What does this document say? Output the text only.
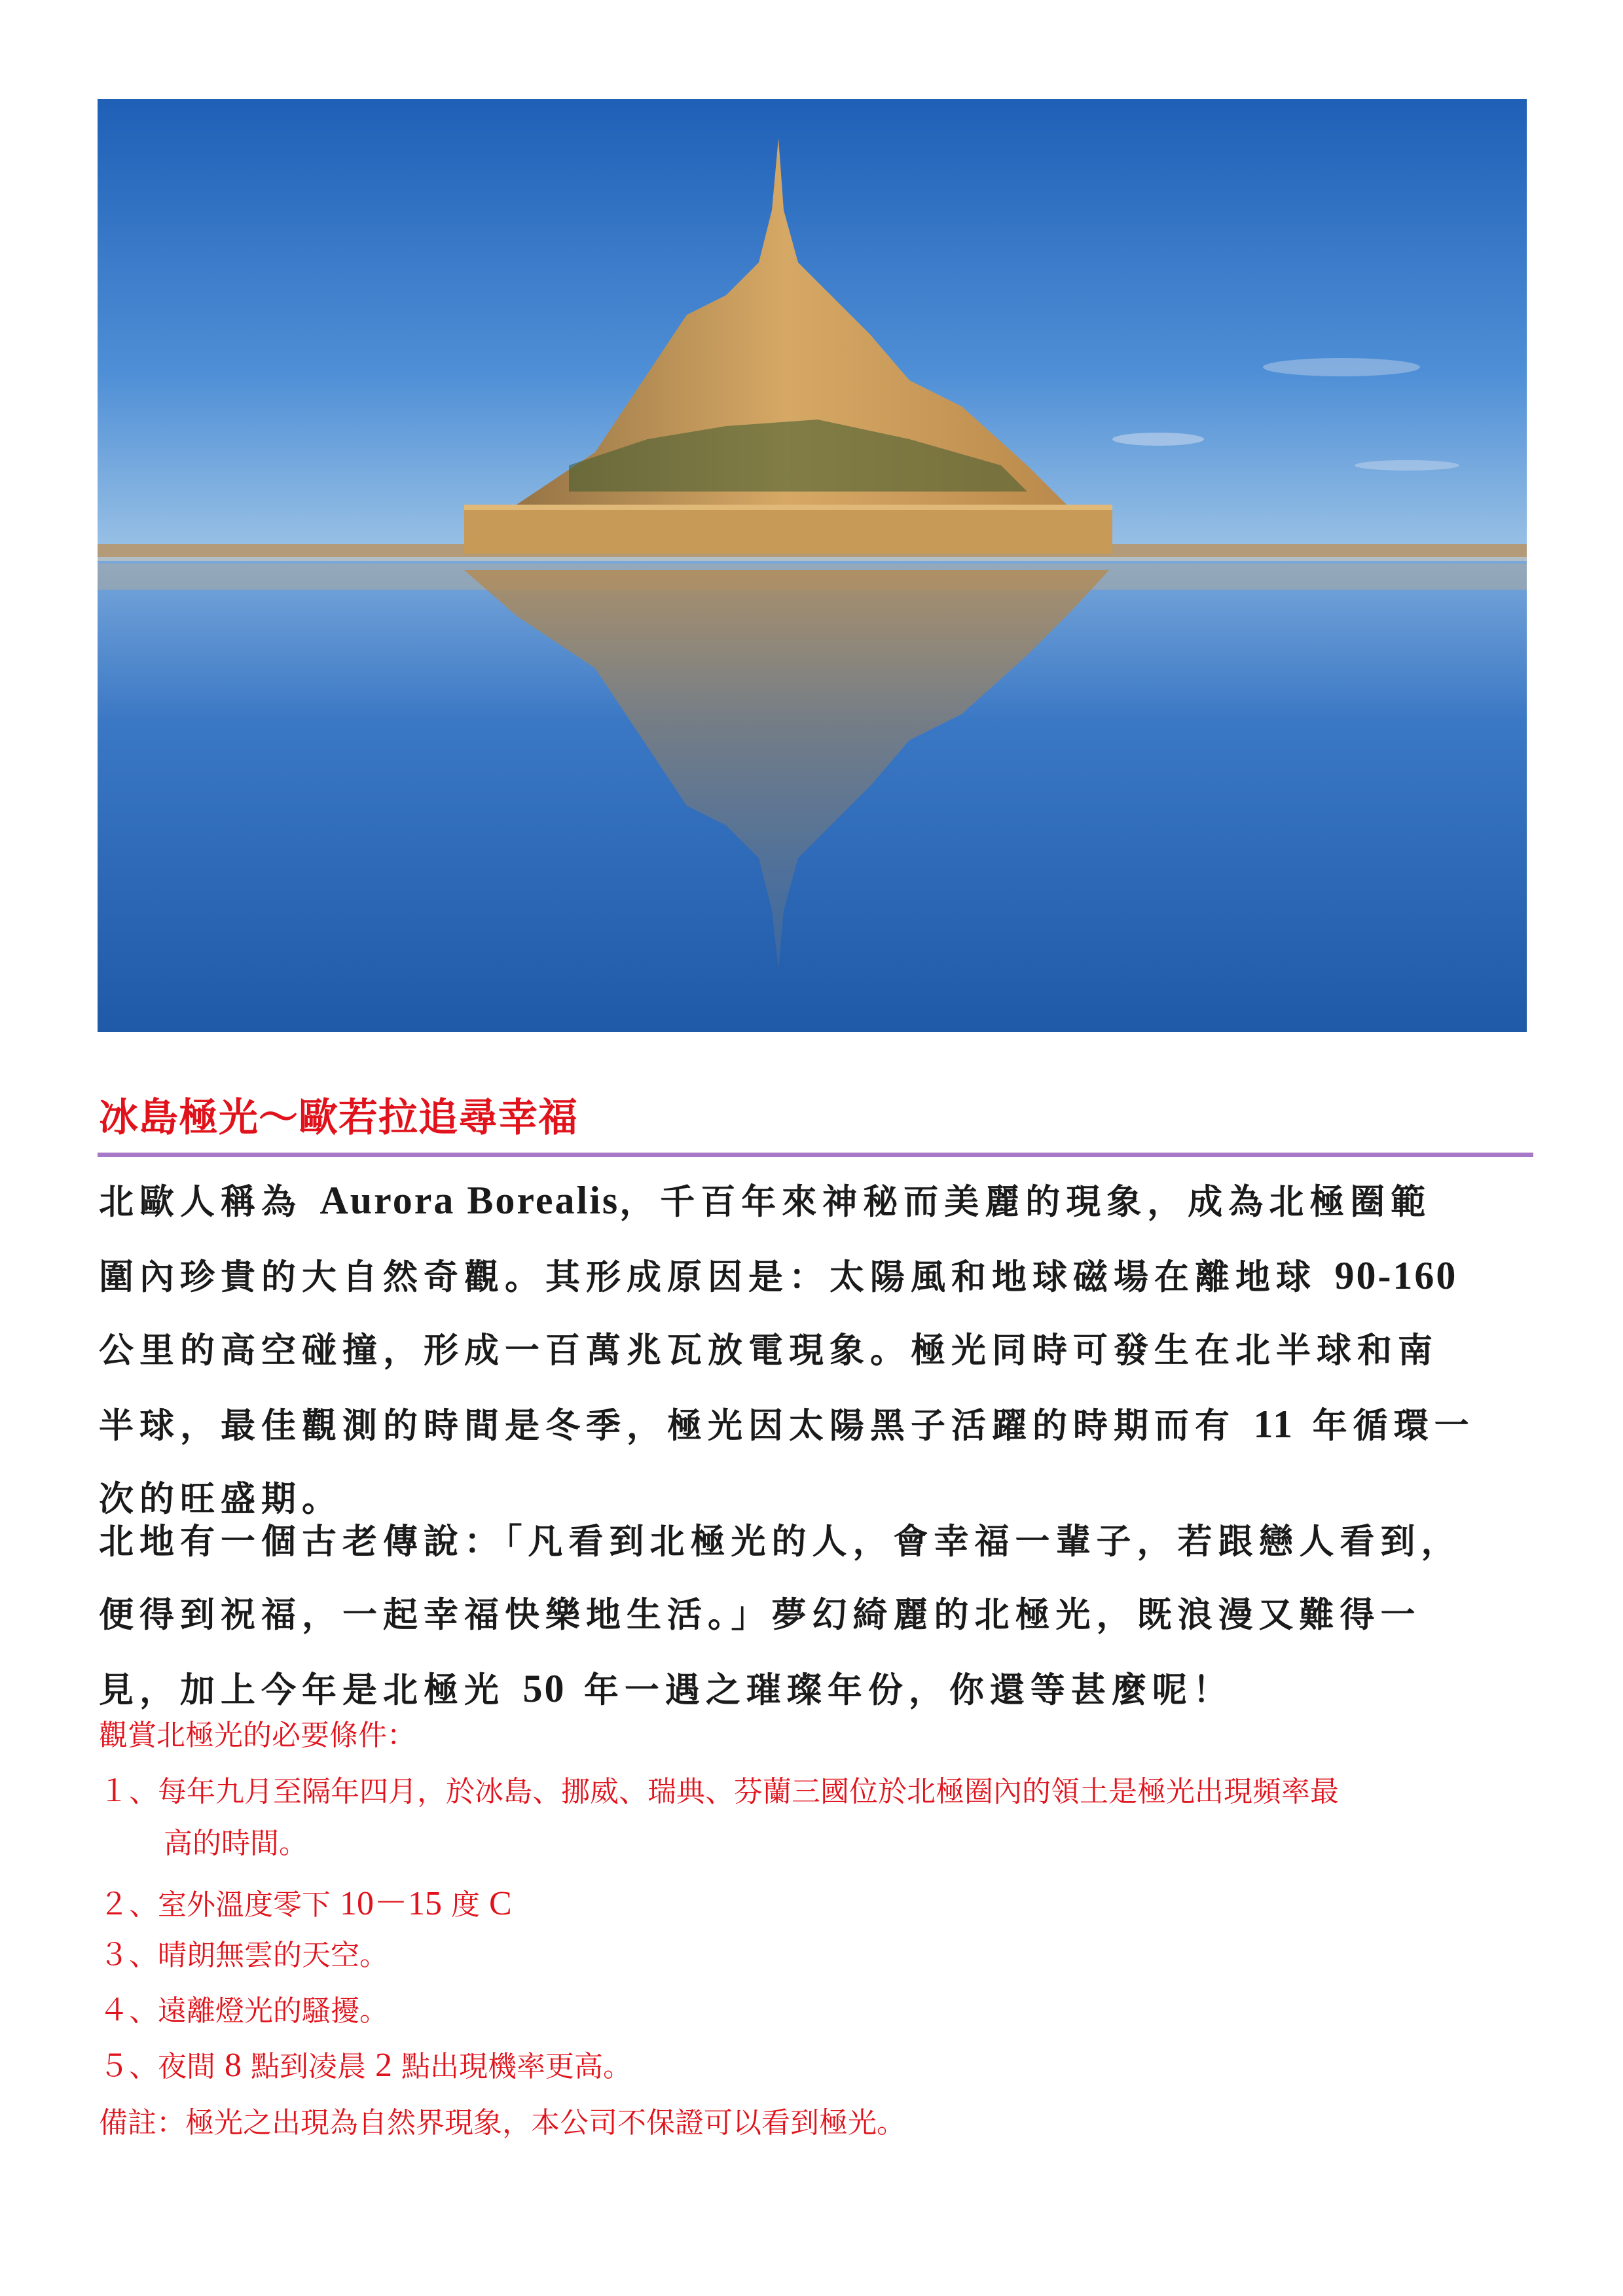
冰島極光～歐若拉追尋幸福
北歐人稱為 Aurora Borealis，千百年來神秘而美麗的現象，成為北極圈範
圍內珍貴的大自然奇觀。其形成原因是：太陽風和地球磁場在離地球 90-160
公里的高空碰撞，形成一百萬兆瓦放電現象。極光同時可發生在北半球和南
半球，最佳觀測的時間是冬季，極光因太陽黑子活躍的時期而有 11 年循環一
次的旺盛期。
北地有一個古老傳說：「凡看到北極光的人，會幸福一輩子，若跟戀人看到，
便得到祝福，一起幸福快樂地生活。」夢幻綺麗的北極光，既浪漫又難得一
見，加上今年是北極光 50 年一遇之璀璨年份，你還等甚麼呢！
觀賞北極光的必要條件：
１、每年九月至隔年四月，於冰島、挪威、瑞典、芬蘭三國位於北極圈內的領土是極光出現頻率最
高的時間。
２、室外溫度零下 10－15 度 C
３、晴朗無雲的天空。
４、遠離燈光的騷擾。
５、夜間 8 點到凌晨 2 點出現機率更高。
備註：極光之出現為自然界現象，本公司不保證可以看到極光。
